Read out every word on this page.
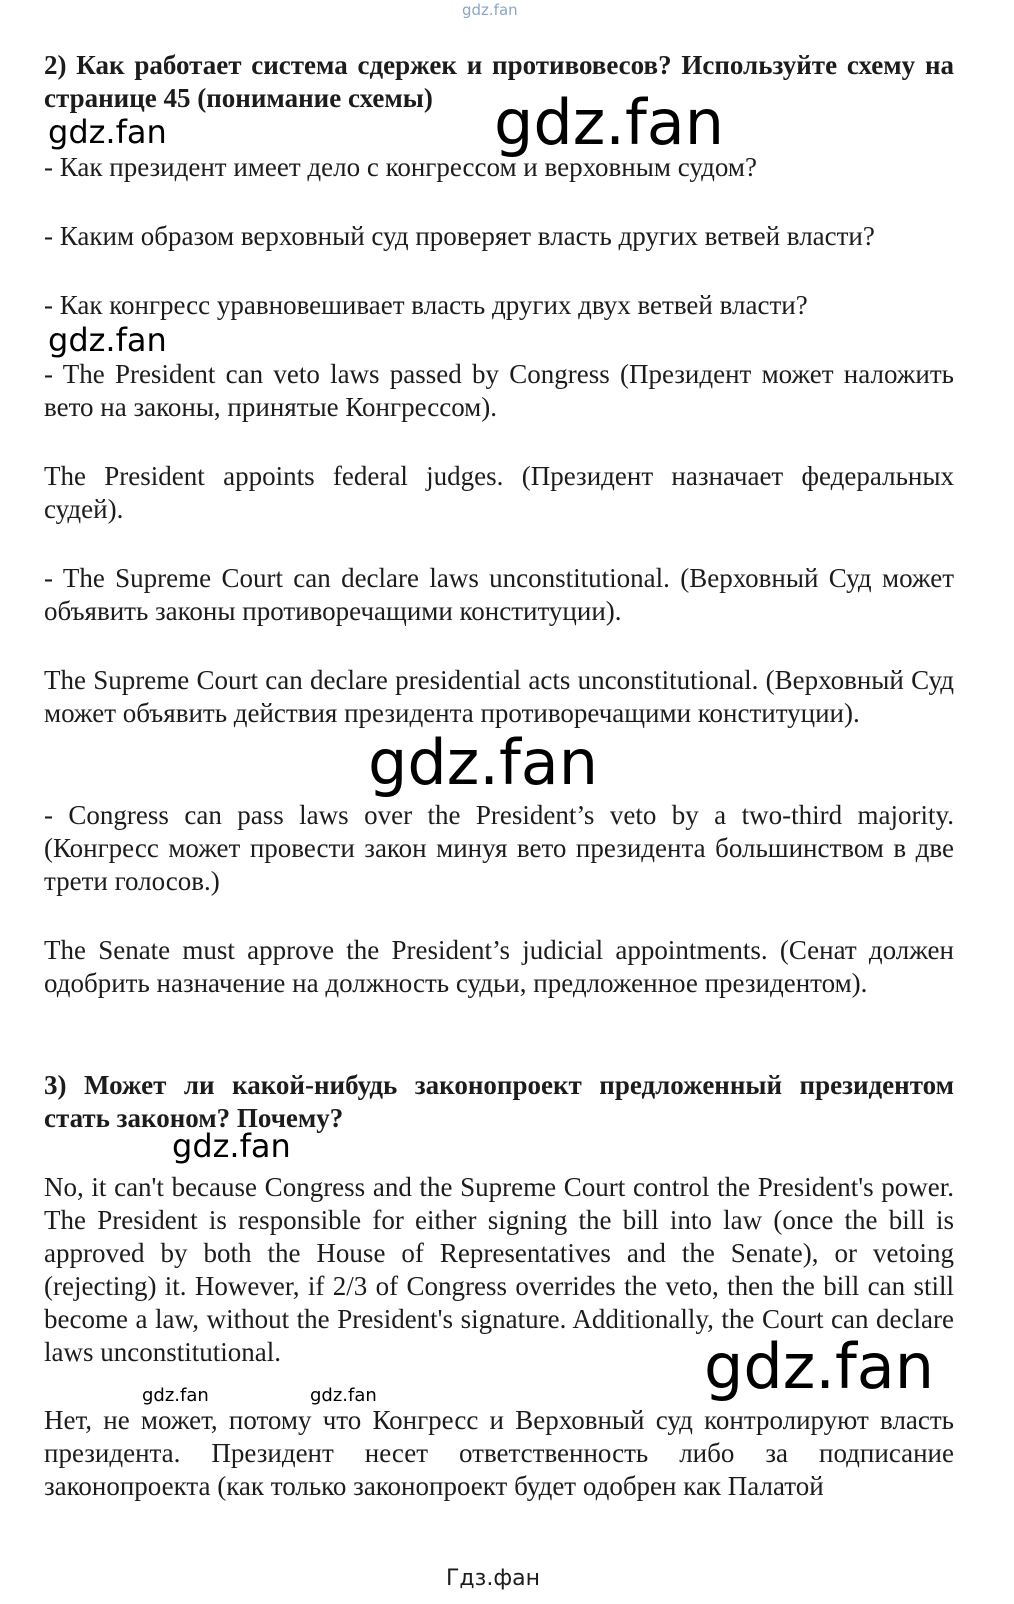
gdz.fan
gdz.fan	gdz.fan
gdz.fan
gdz.fan
gdz.fan
gdz.fan
gdz.fan	gdz.fan

2) Как работает система сдержек и противовесов? Используйте схему на странице 45 (понимание схемы)

- Как президент имеет дело с конгрессом и верховным судом?

- Каким образом верховный суд проверяет власть других ветвей власти?

- Как конгресс уравновешивает власть других двух ветвей власти?

- The President can veto laws passed by Congress (Президент может наложить вето на законы, принятые Конгрессом).

The President appoints federal judges. (Президент назначает федеральных судей).

- The Supreme Court can declare laws unconstitutional. (Верховный Суд может объявить законы противоречащими конституции).

The Supreme Court can declare presidential acts unconstitutional. (Верховный Суд может объявить действия президента противоречащими конституции).

- Congress can pass laws over the President’s veto by a two-third majority. (Конгресс может провести закон минуя вето президента большинством в две трети голосов.)

The Senate must approve the President’s judicial appointments. (Сенат должен одобрить назначение на должность судьи, предложенное президентом).

3) Может ли какой-нибудь законопроект предложенный президентом стать законом? Почему?

No, it can't because Congress and the Supreme Court control the President's power. The President is responsible for either signing the bill into law (once the bill is approved by both the House of Representatives and the Senate), or vetoing (rejecting) it. However, if 2/3 of Congress overrides the veto, then the bill can still become a law, without the President's signature. Additionally, the Court can declare laws unconstitutional.

Нет, не может, потому что Конгресс и Верховный суд контролируют власть президента. Президент несет ответственность либо за подписание законопроекта (как только законопроект будет одобрен как Палатой

Гдз.фан
